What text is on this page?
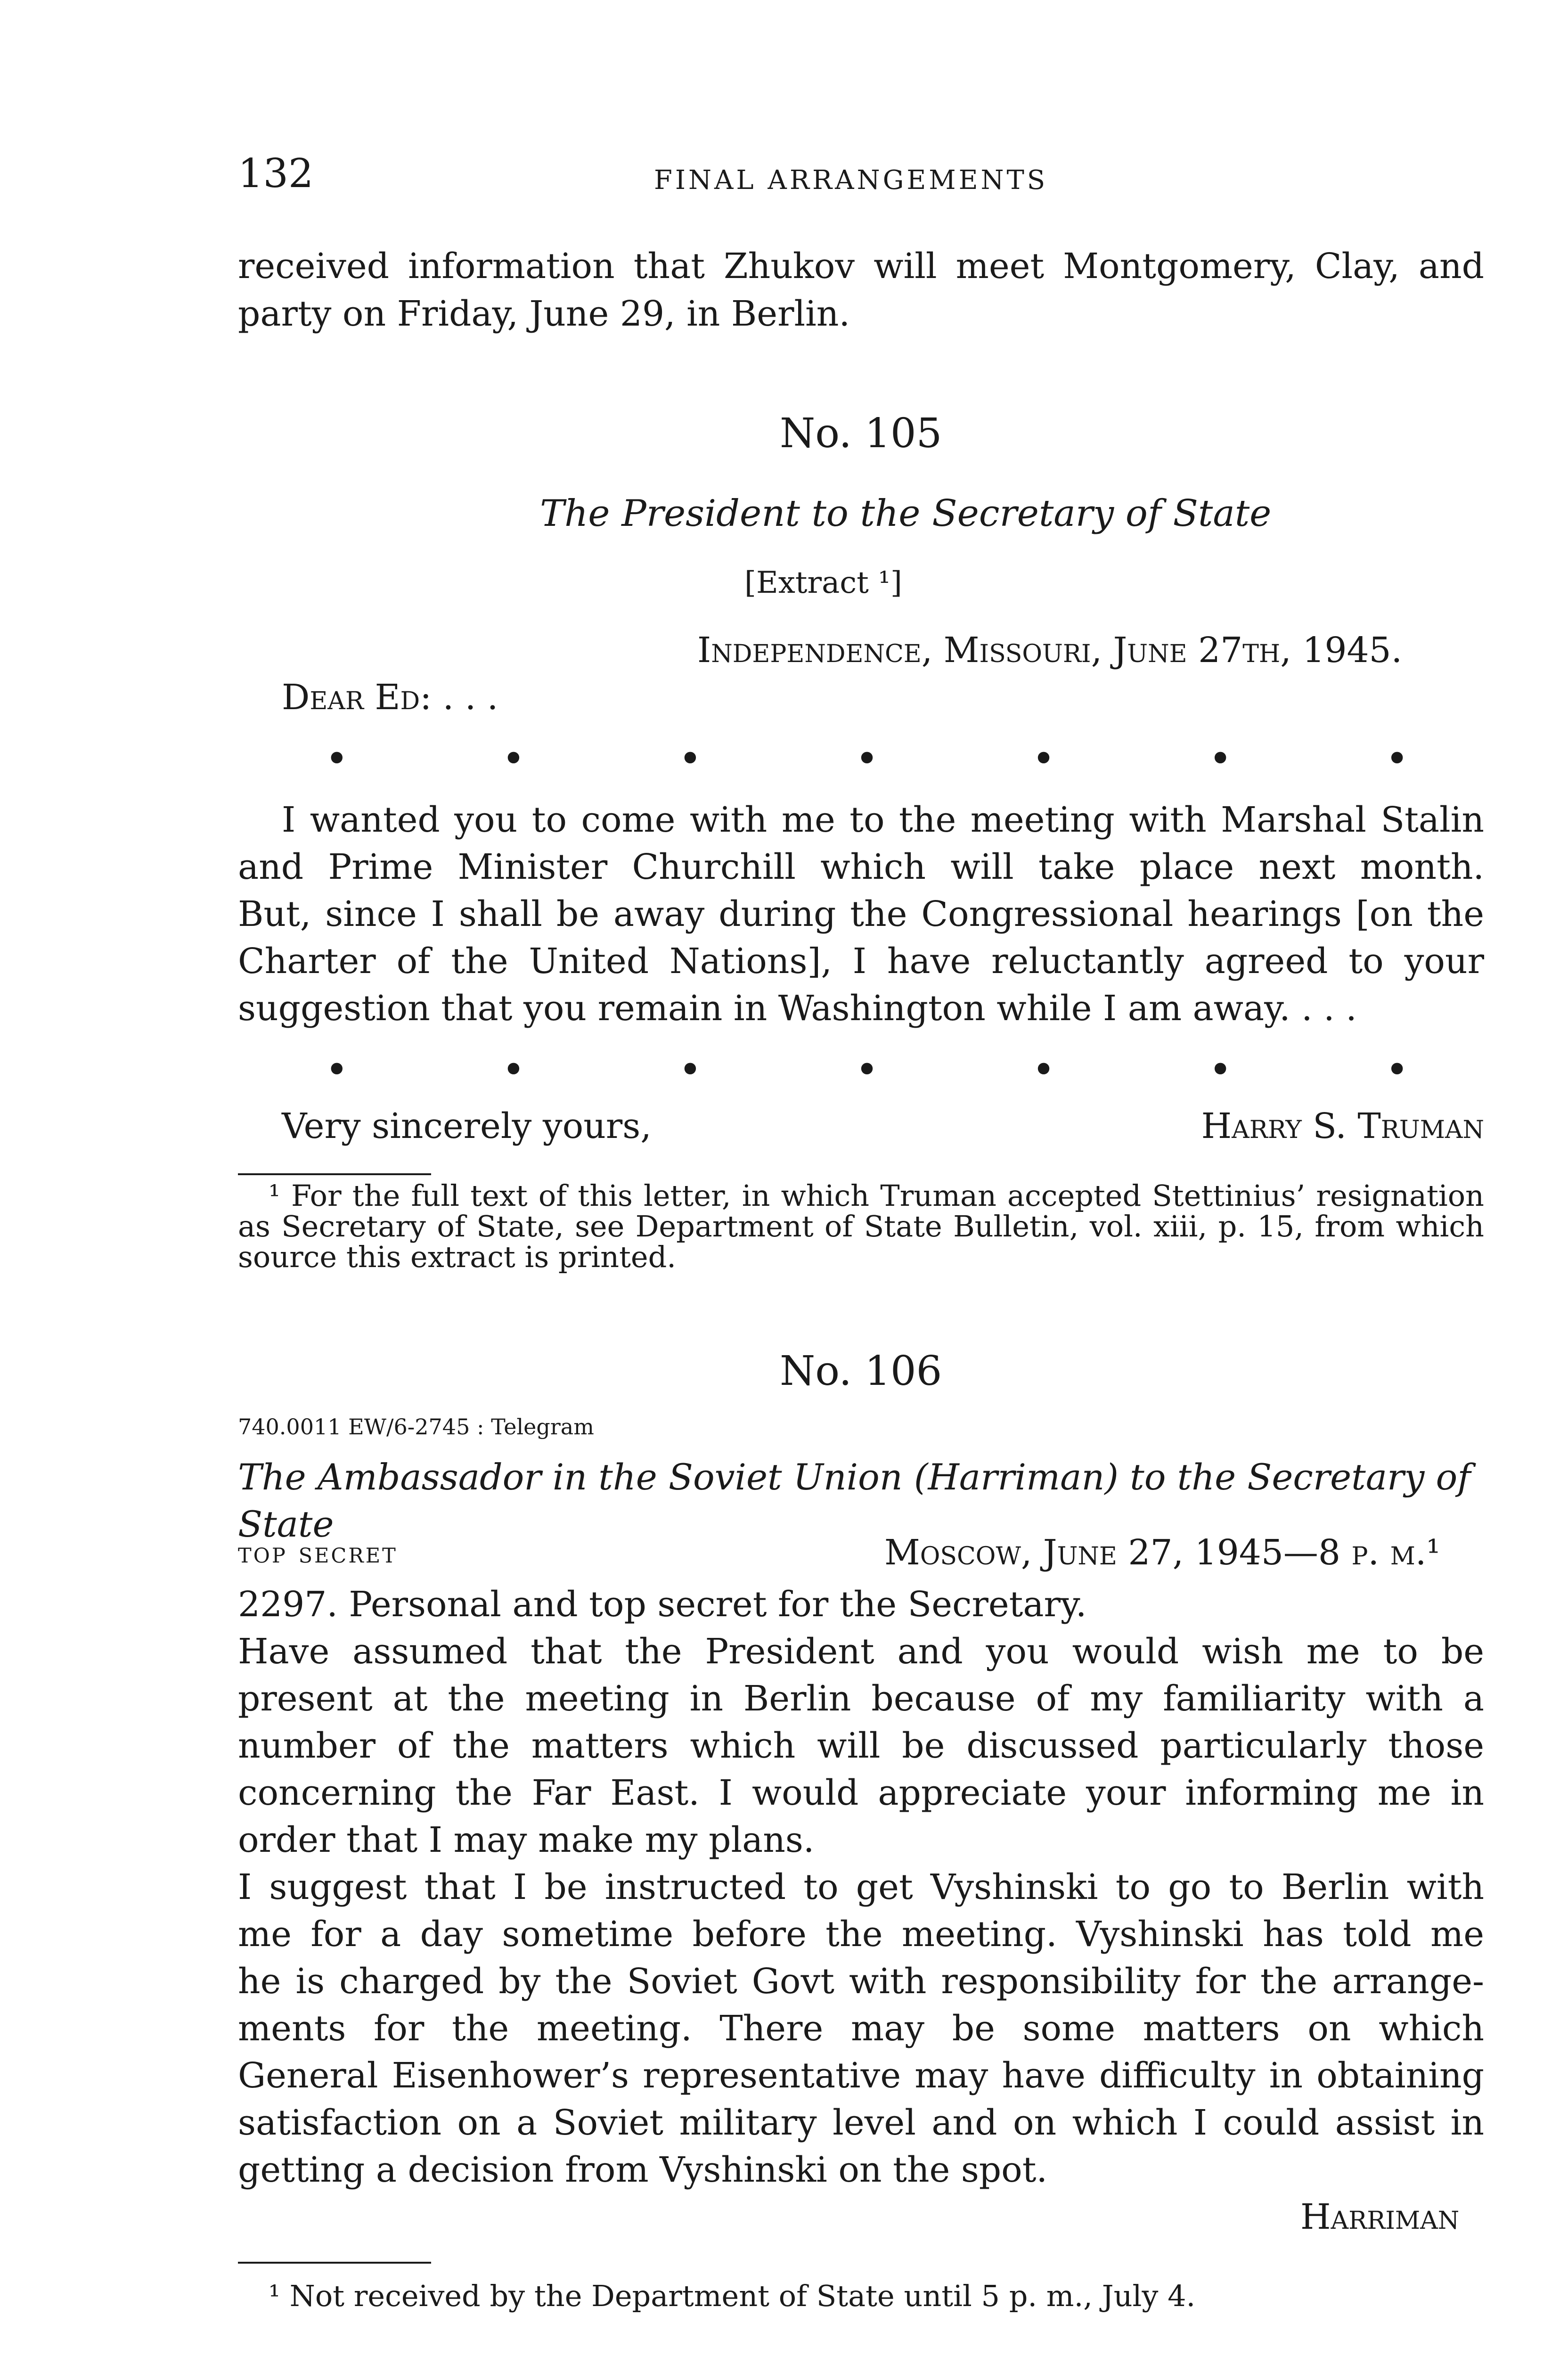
132	FINAL ARRANGEMENTS
received information that Zhukov will meet Montgomery, Clay, and
party on Friday, June 29, in Berlin.
No. 105
The President to the Secretary of State
[Extract ¹]
Independence, Missouri, June 27th, 1945.
Dear Ed: . . .
•	•	•	•	•	•	•
I wanted you to come with me to the meeting with Marshal Stalin
and Prime Minister Churchill which will take place next month.
But, since I shall be away during the Congressional hearings [on the
Charter of the United Nations], I have reluctantly agreed to your
suggestion that you remain in Washington while I am away. . . .
•	•	•	•	•	•	•
Very sincerely yours,	Harry S. Truman
¹ For the full text of this letter, in which Truman accepted Stettinius’ resignation
as Secretary of State, see Department of State Bulletin, vol. xiii, p. 15, from which
source this extract is printed.
No. 106
740.0011 EW/6-2745 : Telegram
The Ambassador in the Soviet Union (Harriman) to the Secretary of State
top secret	Moscow, June 27, 1945—8 p. m.¹
2297. Personal and top secret for the Secretary.
Have assumed that the President and you would wish me to be
present at the meeting in Berlin because of my familiarity with a
number of the matters which will be discussed particularly those
concerning the Far East. I would appreciate your informing me in
order that I may make my plans.
I suggest that I be instructed to get Vyshinski to go to Berlin with
me for a day sometime before the meeting. Vyshinski has told me
he is charged by the Soviet Govt with responsibility for the arrange-
ments for the meeting. There may be some matters on which
General Eisenhower’s representative may have difficulty in obtaining
satisfaction on a Soviet military level and on which I could assist in
getting a decision from Vyshinski on the spot.
Harriman
¹ Not received by the Department of State until 5 p. m., July 4.
